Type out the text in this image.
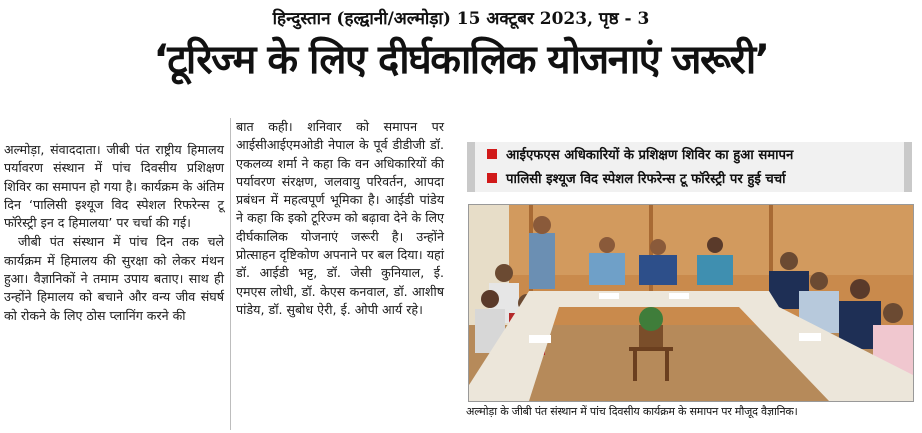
हिन्दुस्तान (हल्द्वानी/अल्मोड़ा) 15 अक्टूबर 2023, पृष्ठ - 3
‘टूरिज्म के लिए दीर्घकालिक योजनाएं जरूरी’

अल्मोड़ा, संवाददाता। जीबी पंत राष्ट्रीय हिमालय पर्यावरण संस्थान में पांच दिवसीय प्रशिक्षण शिविर का समापन हो गया है। कार्यक्रम के अंतिम दिन ‘पालिसी इश्यूज विद स्पेशल रिफरेन्स टू फॉरेस्ट्री इन द हिमालया’ पर चर्चा की गई।

जीबी पंत संस्थान में पांच दिन तक चले कार्यक्रम में हिमालय की सुरक्षा को लेकर मंथन हुआ। वैज्ञानिकों ने तमाम उपाय बताए। साथ ही उन्होंने हिमालय को बचाने और वन्य जीव संघर्ष को रोकने के लिए ठोस प्लानिंग करने की

बात कही। शनिवार को समापन पर आईसीआईएमओडी नेपाल के पूर्व डीडीजी डॉ. एकलव्य शर्मा ने कहा कि वन अधिकारियों की पर्यावरण संरक्षण, जलवायु परिवर्तन, आपदा प्रबंधन में महत्वपूर्ण भूमिका है। आईडी पांडेय ने कहा कि इको टूरिज्म को बढ़ावा देने के लिए दीर्घकालिक योजनाएं जरूरी है। उन्होंने प्रोत्साहन दृष्टिकोण अपनाने पर बल दिया। यहां डॉ. आईडी भट्ट, डॉ. जेसी कुनियाल, ई. एमएस लोधी, डॉ. केएस कनवाल, डॉ. आशीष पांडेय, डॉ. सुबोध ऐरी, ई. ओपी आर्य रहे।

आईएफएस अधिकारियों के प्रशिक्षण शिविर का हुआ समापन
पालिसी इश्यूज विद स्पेशल रिफरेन्स टू फॉरेस्ट्री पर हुई चर्चा
अल्मोड़ा के जीबी पंत संस्थान में पांच दिवसीय कार्यक्रम के समापन पर मौजूद वैज्ञानिक।
